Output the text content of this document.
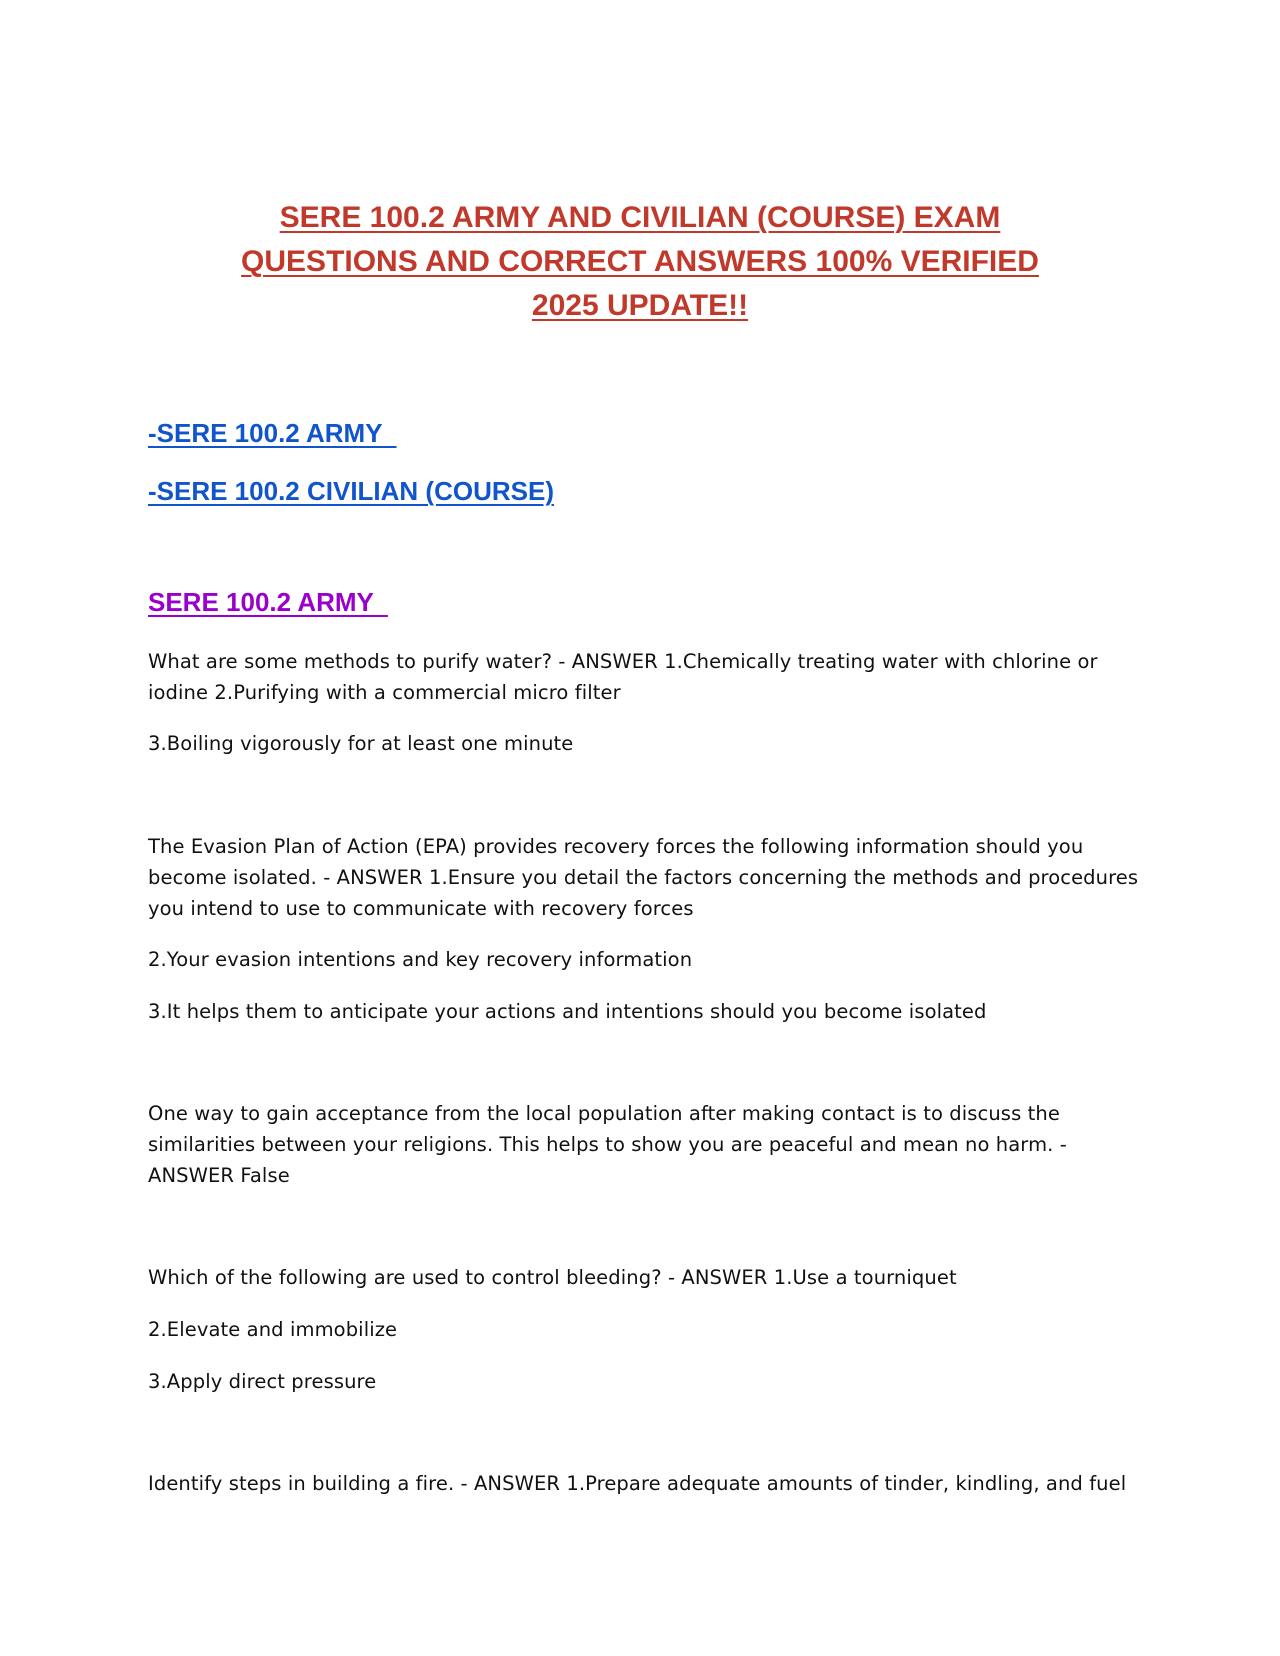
SERE 100.2 ARMY AND CIVILIAN (COURSE) EXAM
QUESTIONS AND CORRECT ANSWERS 100% VERIFIED
2025 UPDATE!!
-SERE 100.2 ARMY
-SERE 100.2 CIVILIAN (COURSE)
SERE 100.2 ARMY

What are some methods to purify water? - ANSWER 1.Chemically treating water with chlorine or iodine 2.Purifying with a commercial micro filter

3.Boiling vigorously for at least one minute

The Evasion Plan of Action (EPA) provides recovery forces the following information should you become isolated. - ANSWER 1.Ensure you detail the factors concerning the methods and procedures you intend to use to communicate with recovery forces

2.Your evasion intentions and key recovery information

3.It helps them to anticipate your actions and intentions should you become isolated

One way to gain acceptance from the local population after making contact is to discuss the similarities between your religions. This helps to show you are peaceful and mean no harm. - ANSWER False

Which of the following are used to control bleeding? - ANSWER 1.Use a tourniquet

2.Elevate and immobilize

3.Apply direct pressure

Identify steps in building a fire. - ANSWER 1.Prepare adequate amounts of tinder, kindling, and fuel
